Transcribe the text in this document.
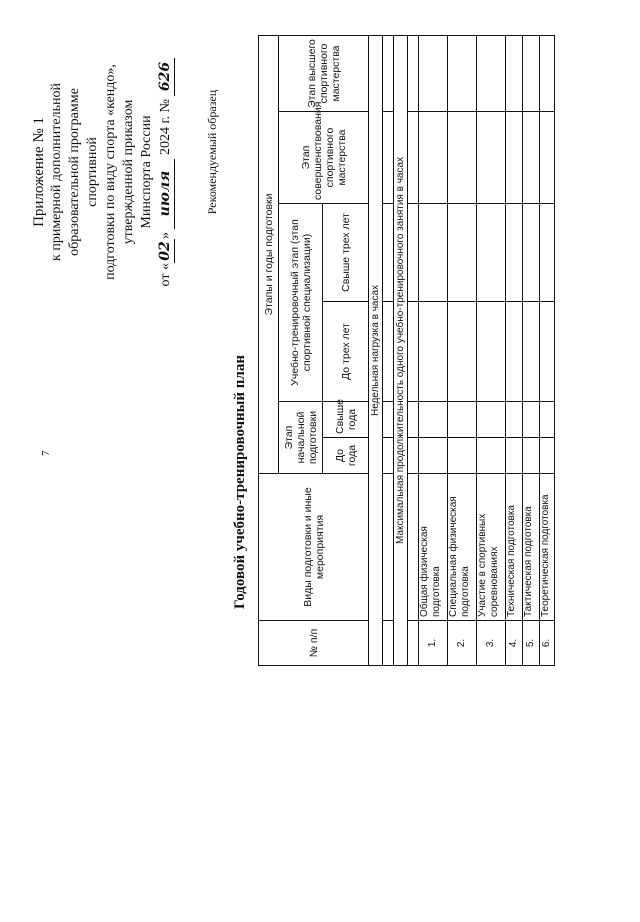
7
Приложение № 1 к примерной дополнительной образовательной программе спортивной подготовки по виду спорта «кендо», утвержденной приказом Минспорта России
от «02» июля 2024 г. № 626
Рекомендуемый образец
Годовой учебно-тренировочный план
№ п/п	Виды подготовки и иные мероприятия	Этапы и годы подготовки					
		Этап начальной подготовки		Учебно-тренировочный этап (этап спортивной специализации)		Этап совершенствования спортивного мастерства	Этап высшего спортивного мастерства
		До года	Свыше года	До трех лет	Свыше трех лет		
Недельная нагрузка в часах							

Максимальная продолжительность одного учебно-тренировочного занятия в часах							

1.	Общая физическая подготовка						
2.	Специальная физическая подготовка						
3.	Участие в спортивных соревнованиях						
4.	Техническая подготовка						
5.	Тактическая подготовка						
6.	Теоретическая подготовка						
